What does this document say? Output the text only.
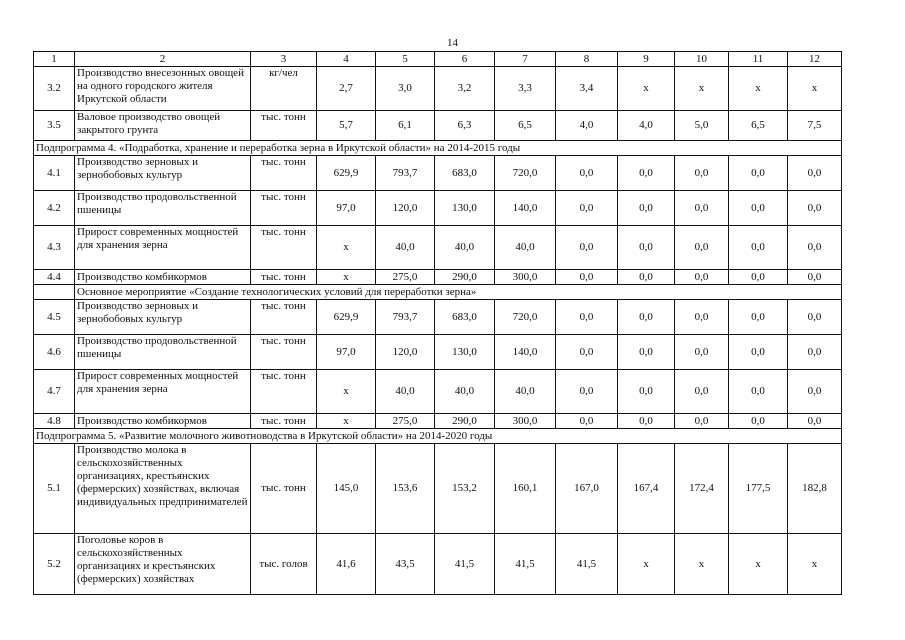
14
1	2	3	4	5	6	7	8	9	10	11	12
3.2	Производство внесезонных овощей на одного городского жителя Иркутской области	кг/чел	2,7	3,0	3,2	3,3	3,4	х	х	х	х
3.5	Валовое производство овощей закрытого грунта	тыс. тонн	5,7	6,1	6,3	6,5	4,0	4,0	5,0	6,5	7,5
Подпрограмма 4. «Подработка, хранение и переработка зерна в Иркутской области» на 2014-2015 годы											
4.1	Производство зерновых и зернобобовых культур	тыс. тонн	629,9	793,7	683,0	720,0	0,0	0,0	0,0	0,0	0,0
4.2	Производство продовольственной пшеницы	тыс. тонн	97,0	120,0	130,0	140,0	0,0	0,0	0,0	0,0	0,0
4.3	Прирост современных мощностей для хранения зерна	тыс. тонн	х	40,0	40,0	40,0	0,0	0,0	0,0	0,0	0,0
4.4	Производство комбикормов	тыс. тонн	х	275,0	290,0	300,0	0,0	0,0	0,0	0,0	0,0
	Основное мероприятие «Создание технологических условий для переработки зерна»										
4.5	Производство зерновых и зернобобовых культур	тыс. тонн	629,9	793,7	683,0	720,0	0,0	0,0	0,0	0,0	0,0
4.6	Производство продовольственной пшеницы	тыс. тонн	97,0	120,0	130,0	140,0	0,0	0,0	0,0	0,0	0,0
4.7	Прирост современных мощностей для хранения зерна	тыс. тонн	х	40,0	40,0	40,0	0,0	0,0	0,0	0,0	0,0
4.8	Производство комбикормов	тыс. тонн	х	275,0	290,0	300,0	0,0	0,0	0,0	0,0	0,0
Подпрограмма 5. «Развитие молочного животноводства в Иркутской области» на 2014-2020 годы											
5.1	Производство молока в сельскохозяйственных организациях, крестьянских (фермерских) хозяйствах, включая индивидуальных предпринимателей	тыс. тонн	145,0	153,6	153,2	160,1	167,0	167,4	172,4	177,5	182,8
5.2	Поголовье коров в сельскохозяйственных организациях и крестьянских (фермерских) хозяйствах	тыс. голов	41,6	43,5	41,5	41,5	41,5	х	х	х	х
